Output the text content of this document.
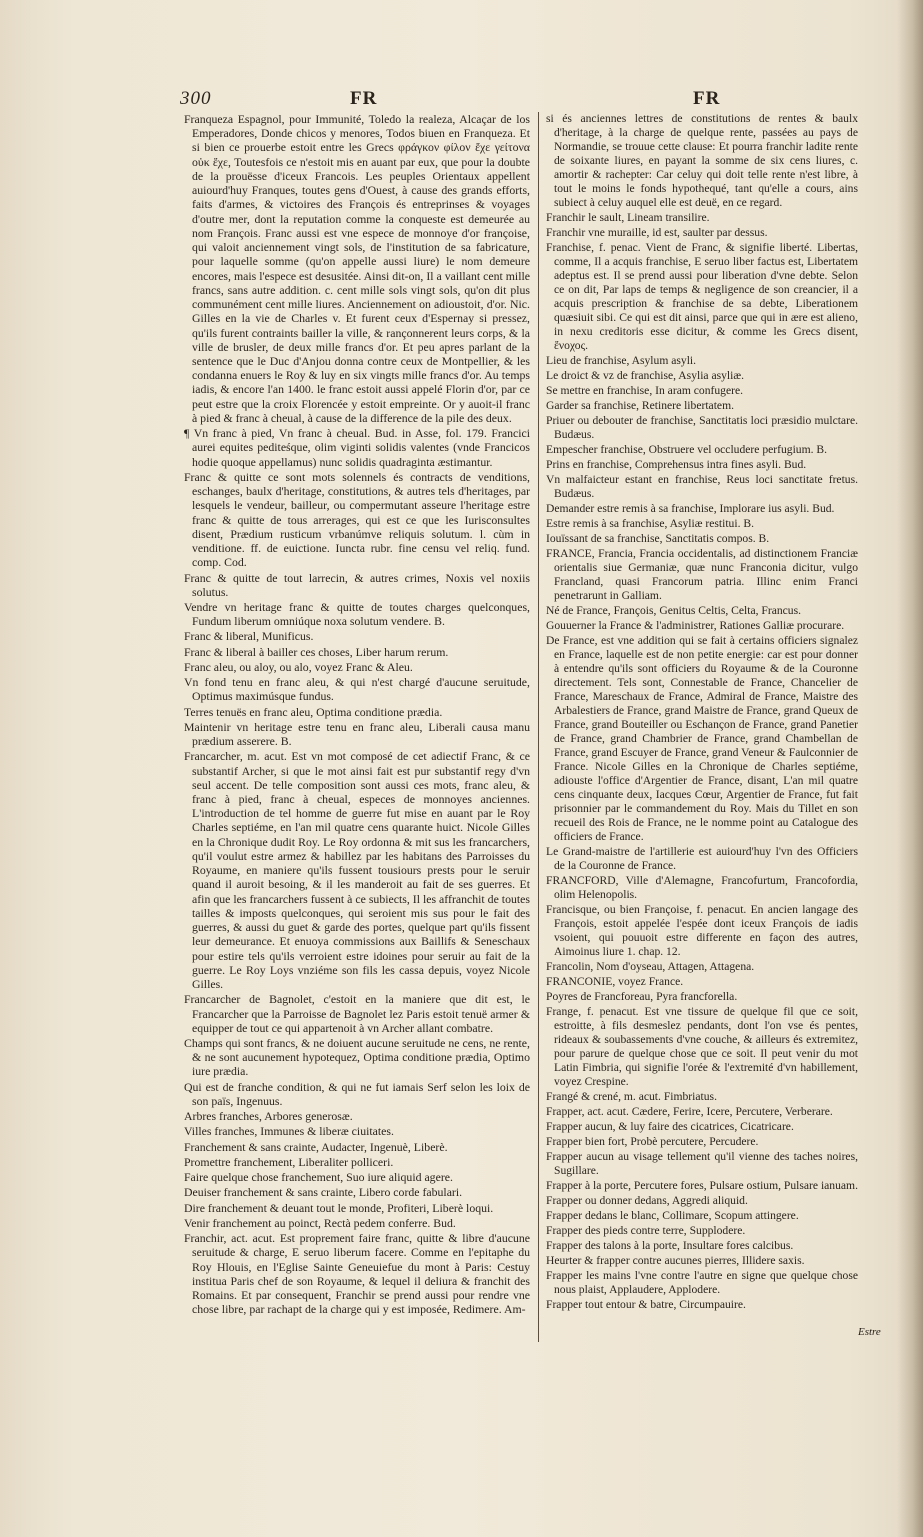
300	FR	FR

Franqueza Espagnol, pour Immunité, Toledo la realeza, Alcaçar de los Emperadores, Donde chicos y menores, Todos biuen en Franqueza. Et si bien ce prouerbe estoit entre les Grecs φράγκον φίλον ἔχε γείτονα οὐκ ἔχε, Toutesfois ce n'estoit mis en auant par eux, que pour la doubte de la prouësse d'iceux Francois. Les peuples Orientaux appellent auiourd'huy Franques, toutes gens d'Ouest, à cause des grands efforts, faits d'armes, & victoires des François és entreprinses & voyages d'outre mer, dont la reputation comme la conqueste est demeurée au nom François. Franc aussi est vne espece de monnoye d'or françoise, qui valoit anciennement vingt sols, de l'institution de sa fabricature, pour laquelle somme (qu'on appelle aussi liure) le nom demeure encores, mais l'espece est desusitée. Ainsi dit-on, Il a vaillant cent mille francs, sans autre addition. c. cent mille sols vingt sols, qu'on dit plus communément cent mille liures. Anciennement on adioustoit, d'or. Nic. Gilles en la vie de Charles v. Et furent ceux d'Espernay si pressez, qu'ils furent contraints bailler la ville, & rançonnerent leurs corps, & la ville de brusler, de deux mille francs d'or. Et peu apres parlant de la sentence que le Duc d'Anjou donna contre ceux de Montpellier, & les condanna enuers le Roy & luy en six vingts mille francs d'or. Au temps iadis, & encore l'an 1400. le franc estoit aussi appelé Florin d'or, par ce peut estre que la croix Florencée y estoit empreinte. Or y auoit-il franc à pied & franc à cheual, à cause de la difference de la pile des deux.

¶ Vn franc à pied, Vn franc à cheual. Bud. in Asse, fol. 179. Francici aurei equites pediteśque, olim viginti solidis valentes (vnde Francicos hodie quoque appellamus) nunc solidis quadraginta æstimantur.

Franc & quitte ce sont mots solennels és contracts de venditions, eschanges, baulx d'heritage, constitutions, & autres tels d'heritages, par lesquels le vendeur, bailleur, ou compermutant asseure l'heritage estre franc & quitte de tous arrerages, qui est ce que les Iurisconsultes disent, Prædium rusticum vrbanúmve reliquis solutum. l. cùm in venditione. ff. de euictione. Iuncta rubr. fine censu vel reliq. fund. comp. Cod.

Franc & quitte de tout larrecin, & autres crimes, Noxis vel noxiis solutus.

Vendre vn heritage franc & quitte de toutes charges quelconques, Fundum liberum omniúque noxa solutum vendere. B.

Franc & liberal, Munificus.

Franc & liberal à bailler ces choses, Liber harum rerum.

Franc aleu, ou aloy, ou alo, voyez Franc & Aleu.

Vn fond tenu en franc aleu, & qui n'est chargé d'aucune seruitude, Optimus maximúsque fundus.

Terres tenuës en franc aleu, Optima conditione prædia.

Maintenir vn heritage estre tenu en franc aleu, Liberali causa manu prædium asserere. B.

Francarcher, m. acut. Est vn mot composé de cet adiectif Franc, & ce substantif Archer, si que le mot ainsi fait est pur substantif regy d'vn seul accent. De telle composition sont aussi ces mots, franc aleu, & franc à pied, franc à cheual, especes de monnoyes anciennes. L'introduction de tel homme de guerre fut mise en auant par le Roy Charles septiéme, en l'an mil quatre cens quarante huict. Nicole Gilles en la Chronique dudit Roy. Le Roy ordonna & mit sus les francarchers, qu'il voulut estre armez & habillez par les habitans des Parroisses du Royaume, en maniere qu'ils fussent tousiours prests pour le seruir quand il auroit besoing, & il les manderoit au fait de ses guerres. Et afin que les francarchers fussent à ce subiects, Il les affranchit de toutes tailles & imposts quelconques, qui seroient mis sus pour le fait des guerres, & aussi du guet & garde des portes, quelque part qu'ils fissent leur demeurance. Et enuoya commissions aux Baillifs & Seneschaux pour estire tels qu'ils verroient estre idoines pour seruir au fait de la guerre. Le Roy Loys vnziéme son fils les cassa depuis, voyez Nicole Gilles.

Francarcher de Bagnolet, c'estoit en la maniere que dit est, le Francarcher que la Parroisse de Bagnolet lez Paris estoit tenuë armer & equipper de tout ce qui appartenoit à vn Archer allant combatre.

Champs qui sont francs, & ne doiuent aucune seruitude ne cens, ne rente, & ne sont aucunement hypotequez, Optima conditione prædia, Optimo iure prædia.

Qui est de franche condition, & qui ne fut iamais Serf selon les loix de son païs, Ingenuus.

Arbres franches, Arbores generosæ.

Villes franches, Immunes & liberæ ciuitates.

Franchement & sans crainte, Audacter, Ingenuè, Liberè.

Promettre franchement, Liberaliter polliceri.

Faire quelque chose franchement, Suo iure aliquid agere.

Deuiser franchement & sans crainte, Libero corde fabulari.

Dire franchement & deuant tout le monde, Profiteri, Liberè loqui.

Venir franchement au poinct, Rectà pedem conferre. Bud.

Franchir, act. acut. Est proprement faire franc, quitte & libre d'aucune seruitude & charge, E seruo liberum facere. Comme en l'epitaphe du Roy Hlouis, en l'Eglise Sainte Geneuiefue du mont à Paris: Cestuy institua Paris chef de son Royaume, & lequel il deliura & franchit des Romains. Et par consequent, Franchir se prend aussi pour rendre vne chose libre, par rachapt de la charge qui y est imposée, Redimere. Am-

si és anciennes lettres de constitutions de rentes & baulx d'heritage, à la charge de quelque rente, passées au pays de Normandie, se trouue cette clause: Et pourra franchir ladite rente de soixante liures, en payant la somme de six cens liures, c. amortir & rachepter: Car celuy qui doit telle rente n'est libre, à tout le moins le fonds hypothequé, tant qu'elle a cours, ains subiect à celuy auquel elle est deuë, en ce regard.

Franchir le sault, Lineam transilire.

Franchir vne muraille, id est, saulter par dessus.

Franchise, f. penac. Vient de Franc, & signifie liberté. Libertas, comme, Il a acquis franchise, E seruo liber factus est, Libertatem adeptus est. Il se prend aussi pour liberation d'vne debte. Selon ce on dit, Par laps de temps & negligence de son creancier, il a acquis prescription & franchise de sa debte, Liberationem quæsiuit sibi. Ce qui est dit ainsi, parce que qui in ære est alieno, in nexu creditoris esse dicitur, & comme les Grecs disent, ἔνοχος.

Lieu de franchise, Asylum asyli.

Le droict & vz de franchise, Asylia asyliæ.

Se mettre en franchise, In aram confugere.

Garder sa franchise, Retinere libertatem.

Priuer ou debouter de franchise, Sanctitatis loci præsidio mulctare. Budæus.

Empescher franchise, Obstruere vel occludere perfugium. B.

Prins en franchise, Comprehensus intra fines asyli. Bud.

Vn malfaicteur estant en franchise, Reus loci sanctitate fretus. Budæus.

Demander estre remis à sa franchise, Implorare ius asyli. Bud.

Estre remis à sa franchise, Asyliæ restitui. B.

Iouïssant de sa franchise, Sanctitatis compos. B.

FRANCE, Francia, Francia occidentalis, ad distinctionem Franciæ orientalis siue Germaniæ, quæ nunc Franconia dicitur, vulgo Francland, quasi Francorum patria. Illinc enim Franci penetrarunt in Galliam.

Né de France, François, Genitus Celtis, Celta, Francus.

Gouuerner la France & l'administrer, Rationes Galliæ procurare.

De France, est vne addition qui se fait à certains officiers signalez en France, laquelle est de non petite energie: car est pour donner à entendre qu'ils sont officiers du Royaume & de la Couronne directement. Tels sont, Connestable de France, Chancelier de France, Mareschaux de France, Admiral de France, Maistre des Arbalestiers de France, grand Maistre de France, grand Queux de France, grand Bouteiller ou Eschançon de France, grand Panetier de France, grand Chambrier de France, grand Chambellan de France, grand Escuyer de France, grand Veneur & Faulconnier de France. Nicole Gilles en la Chronique de Charles septiéme, adiouste l'office d'Argentier de France, disant, L'an mil quatre cens cinquante deux, Iacques Cœur, Argentier de France, fut fait prisonnier par le commandement du Roy. Mais du Tillet en son recueil des Rois de France, ne le nomme point au Catalogue des officiers de France.

Le Grand-maistre de l'artillerie est auiourd'huy l'vn des Officiers de la Couronne de France.

FRANCFORD, Ville d'Alemagne, Francofurtum, Francofordia, olim Helenopolis.

Francisque, ou bien Françoise, f. penacut. En ancien langage des François, estoit appelée l'espée dont iceux François de iadis vsoient, qui pouuoit estre differente en façon des autres, Aimoinus liure 1. chap. 12.

Francolin, Nom d'oyseau, Attagen, Attagena.

FRANCONIE, voyez France.

Poyres de Francforeau, Pyra francforella.

Frange, f. penacut. Est vne tissure de quelque fil que ce soit, estroitte, à fils desmeslez pendants, dont l'on vse és pentes, rideaux & soubassements d'vne couche, & ailleurs és extremitez, pour parure de quelque chose que ce soit. Il peut venir du mot Latin Fimbria, qui signifie l'orée & l'extremité d'vn habillement, voyez Crespine.

Frangé & crené, m. acut. Fimbriatus.

Frapper, act. acut. Cædere, Ferire, Icere, Percutere, Verberare.

Frapper aucun, & luy faire des cicatrices, Cicatricare.

Frapper bien fort, Probè percutere, Percudere.

Frapper aucun au visage tellement qu'il vienne des taches noires, Sugillare.

Frapper à la porte, Percutere fores, Pulsare ostium, Pulsare ianuam.

Frapper ou donner dedans, Aggredi aliquid.

Frapper dedans le blanc, Collimare, Scopum attingere.

Frapper des pieds contre terre, Supplodere.

Frapper des talons à la porte, Insultare fores calcibus.

Heurter & frapper contre aucunes pierres, Illidere saxis.

Frapper les mains l'vne contre l'autre en signe que quelque chose nous plaist, Applaudere, Applodere.

Frapper tout entour & batre, Circumpauire.

Estre
